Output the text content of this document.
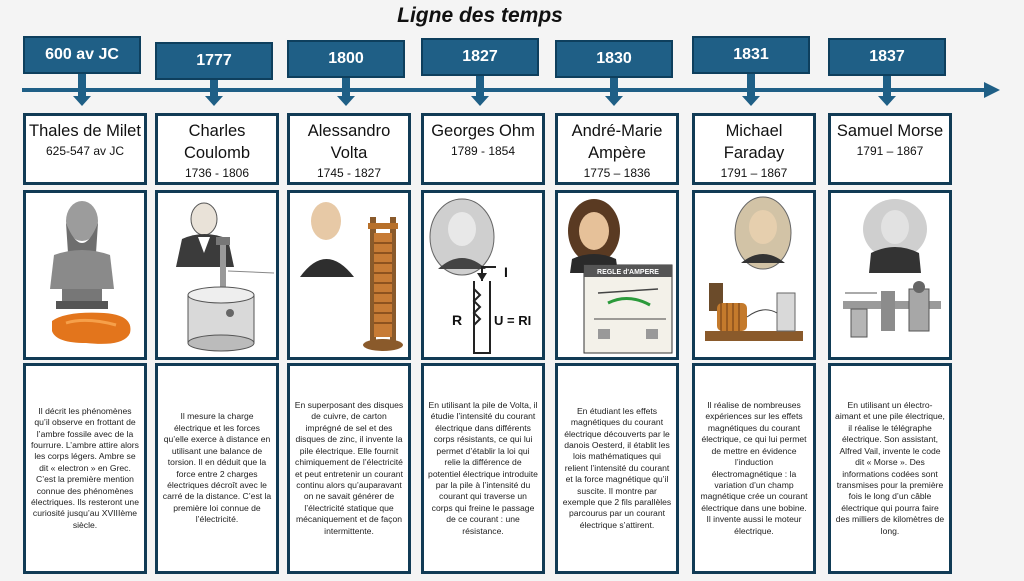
Ligne des temps
600 av JC
Thales de Milet
625-547 av JC
Il décrit les phénomènes qu’il observe en frottant de l’ambre fossile avec de la fourrure. L’ambre attire alors les corps légers. Ambre se dit « electron » en Grec. C’est la première mention connue des phénomènes électriques. Ils resteront une curiosité jusqu’au XVIIIème siècle.
1777
Charles Coulomb
1736 - 1806
Il mesure la charge électrique et les forces qu’elle exerce à distance en utilisant une balance de torsion. Il en déduit que la force entre 2 charges électriques décroît avec le carré de la distance. C’est la première loi connue de l’électricité.
1800
Alessandro Volta
1745 - 1827
En superposant des disques de cuivre, de carton imprégné de sel et des disques de zinc, il invente la pile électrique. Elle fournit chimiquement de l’électricité et peut entretenir un courant continu alors qu’auparavant on ne savait générer de l’électricité statique que mécaniquement et de façon intermittente.
1827
Georges Ohm
1789 - 1854
I
R U = RI
En utilisant la pile de Volta, il étudie l’intensité du courant électrique dans différents corps résistants, ce qui lui permet d’établir la loi qui relie la différence de potentiel électrique introduite par la pile à l’intensité du courant qui traverse un corps qui freine le passage de ce courant : une résistance.
1830
André-Marie Ampère
1775 – 1836
REGLE d'AMPERE
En étudiant les effets magnétiques du courant électrique découverts par le danois Oesterd, il établit les lois mathématiques qui relient l’intensité du courant et la force magnétique qu’il suscite. Il montre par exemple que 2 fils parallèles parcourus par un courant électrique s’attirent.
1831
Michael Faraday
1791 – 1867
Il réalise de nombreuses expériences sur les effets magnétiques du courant électrique, ce qui lui permet de mettre en évidence l’induction électromagnétique : la variation d’un champ magnétique crée un courant électrique dans une bobine. Il invente aussi le moteur électrique.
1837
Samuel Morse
1791 – 1867
En utilisant un électro-aimant et une pile électrique, il réalise le télégraphe électrique. Son assistant, Alfred Vail, invente le code dit « Morse ». Des informations codées sont transmises pour la première fois le long d’un câble électrique qui pourra faire des milliers de kilomètres de long.
